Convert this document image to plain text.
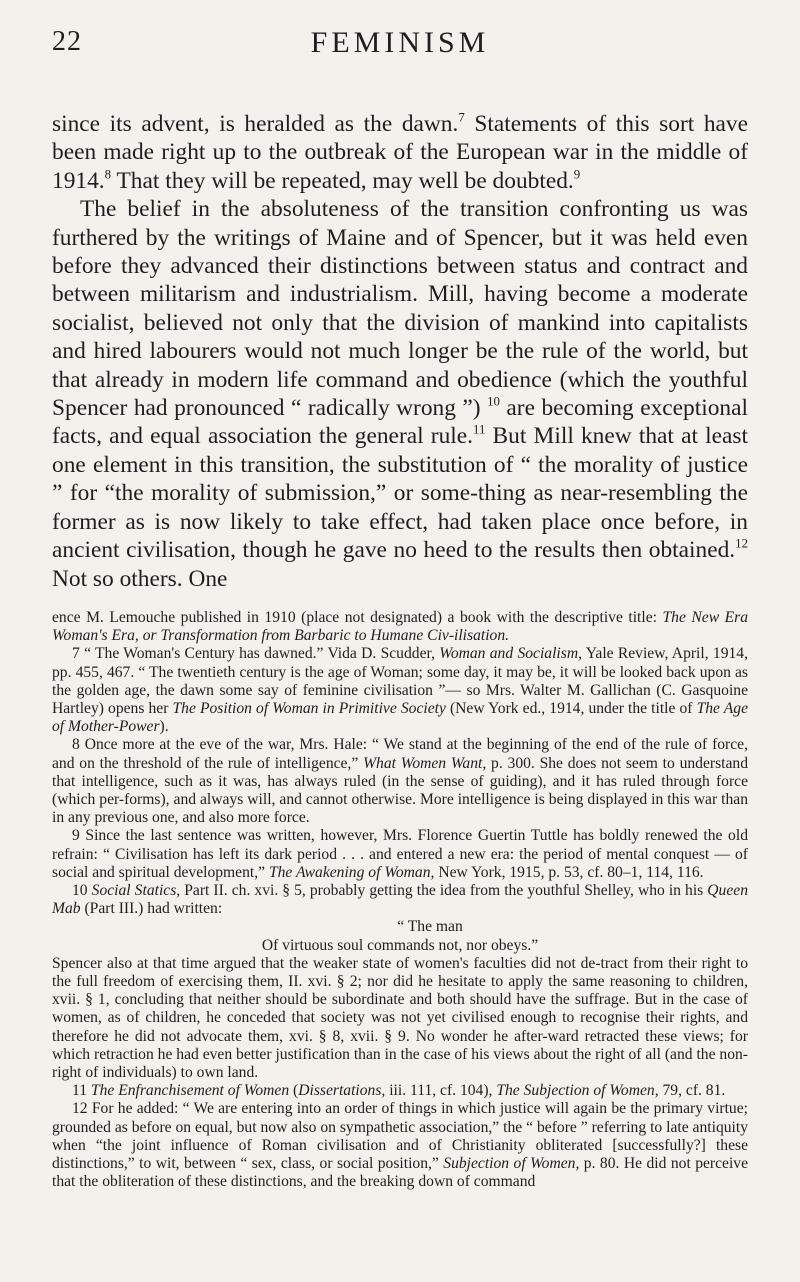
22	FEMINISM

since its advent, is heralded as the dawn.$^7$ Statements of this sort have been made right up to the outbreak of the European war in the middle of 1914.$^8$ That they will be repeated, may well be doubted.$^9$

The belief in the absoluteness of the transition confronting us was furthered by the writings of Maine and of Spencer, but it was held even before they advanced their distinctions between status and contract and between militarism and industrialism. Mill, having become a moderate socialist, believed not only that the division of mankind into capitalists and hired labourers would not much longer be the rule of the world, but that already in modern life command and obedience (which the youthful Spencer had pronounced “ radically wrong ”) $^{10}$ are becoming exceptional facts, and equal association the general rule.$^{11}$ But Mill knew that at least one element in this transition, the substitution of “ the morality of justice ” for “the morality of submission,” or some-thing as near-resembling the former as is now likely to take effect, had taken place once before, in ancient civilisation, though he gave no heed to the results then obtained.$^{12}$ Not so others. One

ence M. Lemouche published in 1910 (place not designated) a book with the descriptive title: The New Era Woman's Era, or Transformation from Barbaric to Humane Civ-ilisation.

7 “ The Woman's Century has dawned.” Vida D. Scudder, Woman and Socialism, Yale Review, April, 1914, pp. 455, 467. “ The twentieth century is the age of Woman; some day, it may be, it will be looked back upon as the golden age, the dawn some say of feminine civilisation ”— so Mrs. Walter M. Gallichan (C. Gasquoine Hartley) opens her The Position of Woman in Primitive Society (New York ed., 1914, under the title of The Age of Mother-Power).

8 Once more at the eve of the war, Mrs. Hale: “ We stand at the beginning of the end of the rule of force, and on the threshold of the rule of intelligence,” What Women Want, p. 300. She does not seem to understand that intelligence, such as it was, has always ruled (in the sense of guiding), and it has ruled through force (which per-forms), and always will, and cannot otherwise. More intelligence is being displayed in this war than in any previous one, and also more force.

9 Since the last sentence was written, however, Mrs. Florence Guertin Tuttle has boldly renewed the old refrain: “ Civilisation has left its dark period . . . and entered a new era: the period of mental conquest — of social and spiritual development,” The Awakening of Woman, New York, 1915, p. 53, cf. 80–1, 114, 116.

10 Social Statics, Part II. ch. xvi. § 5, probably getting the idea from the youthful Shelley, who in his Queen Mab (Part III.) had written:

“ The man

Of virtuous soul commands not, nor obeys.”

Spencer also at that time argued that the weaker state of women's faculties did not de-tract from their right to the full freedom of exercising them, II. xvi. § 2; nor did he hesitate to apply the same reasoning to children, xvii. § 1, concluding that neither should be subordinate and both should have the suffrage. But in the case of women, as of children, he conceded that society was not yet civilised enough to recognise their rights, and therefore he did not advocate them, xvi. § 8, xvii. § 9. No wonder he after-ward retracted these views; for which retraction he had even better justification than in the case of his views about the right of all (and the non-right of individuals) to own land.

11 The Enfranchisement of Women (Dissertations, iii. 111, cf. 104), The Subjection of Women, 79, cf. 81.

12 For he added: “ We are entering into an order of things in which justice will again be the primary virtue; grounded as before on equal, but now also on sympathetic association,” the “ before ” referring to late antiquity when “the joint influence of Roman civilisation and of Christianity obliterated [successfully?] these distinctions,” to wit, between “ sex, class, or social position,” Subjection of Women, p. 80. He did not perceive that the obliteration of these distinctions, and the breaking down of command
